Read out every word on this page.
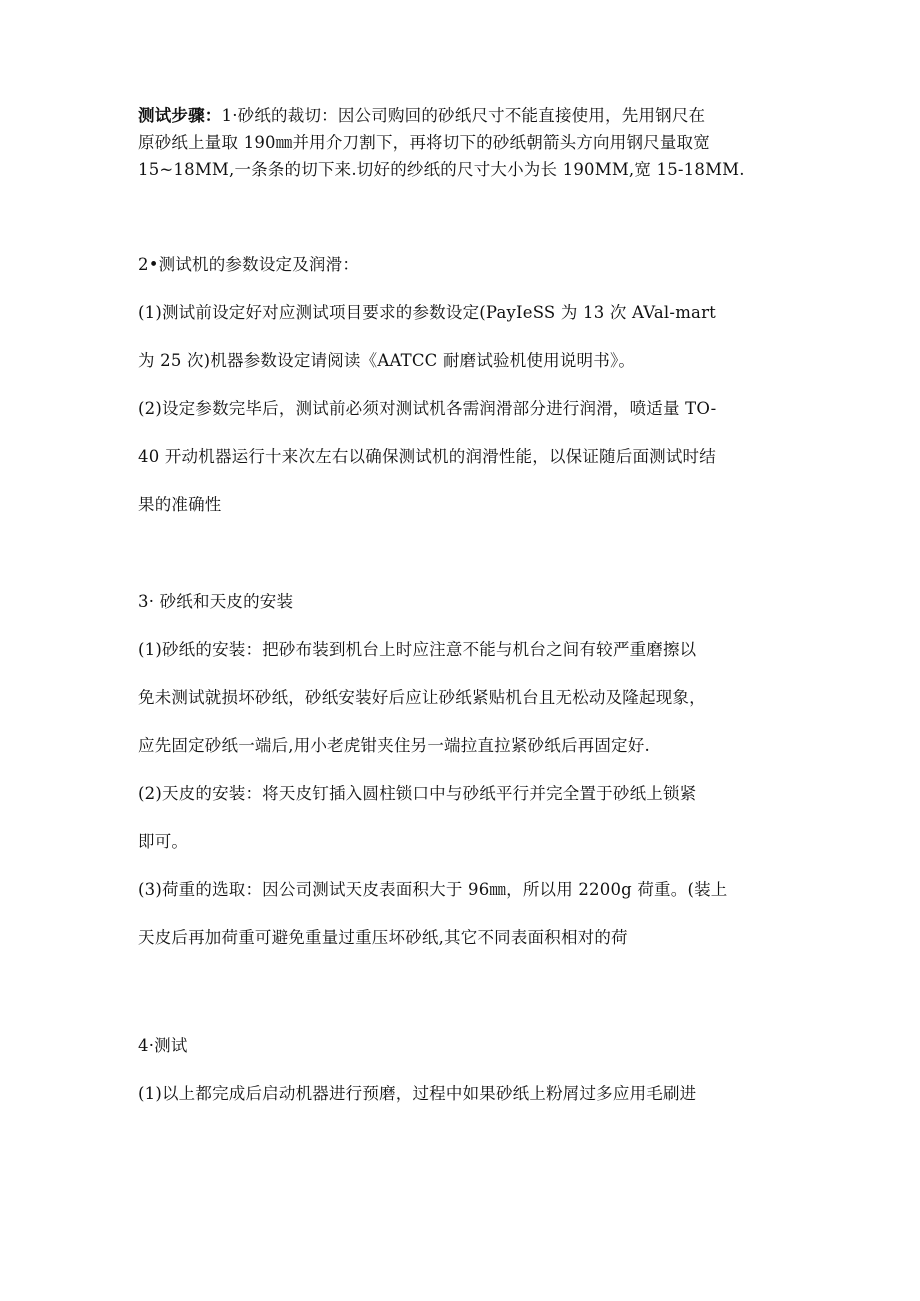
测试步骤：1·砂纸的裁切：因公司购回的砂纸尺寸不能直接使用，先用钢尺在
原砂纸上量取 190㎜并用介刀割下，再将切下的砂纸朝箭头方向用钢尺量取宽
15~18MM,一条条的切下来.切好的纱纸的尺寸大小为长 190MM,宽 15-18MM.
2•测试机的参数设定及润滑：
(1)测试前设定好对应测试项目要求的参数设定(PayIeSS 为 13 次 AVal-mart
为 25 次)机器参数设定请阅读《AATCC 耐磨试验机使用说明书》。
(2)设定参数完毕后，测试前必须对测试机各需润滑部分进行润滑，喷适量 TO-
40 开动机器运行十来次左右以确保测试机的润滑性能，以保证随后面测试时结
果的准确性
3· 砂纸和天皮的安装
(1)砂纸的安装：把砂布装到机台上时应注意不能与机台之间有较严重磨擦以
免未测试就损坏砂纸，砂纸安装好后应让砂纸紧贴机台且无松动及隆起现象，
应先固定砂纸一端后,用小老虎钳夹住另一端拉直拉紧砂纸后再固定好.
(2)天皮的安装：将天皮钉插入圆柱锁口中与砂纸平行并完全置于砂纸上锁紧
即可。
(3)荷重的选取：因公司测试天皮表面积大于 96㎜，所以用 2200g 荷重。(装上
天皮后再加荷重可避免重量过重压坏砂纸,其它不同表面积相对的荷
4·测试
(1)以上都完成后启动机器进行预磨，过程中如果砂纸上粉屑过多应用毛刷进
